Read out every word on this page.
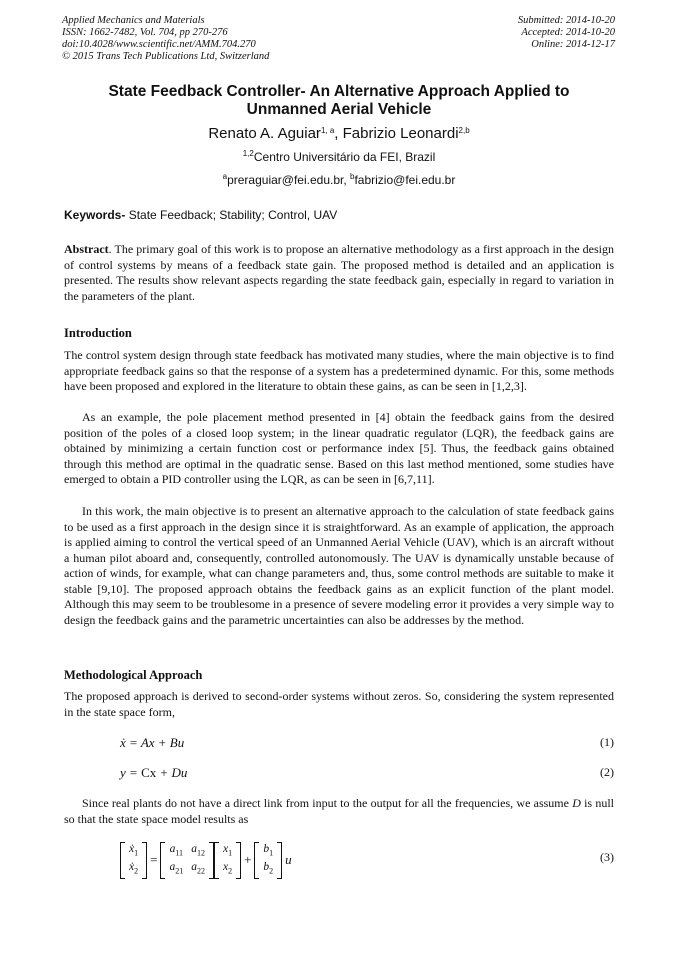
Applied Mechanics and Materials
ISSN: 1662-7482, Vol. 704, pp 270-276
doi:10.4028/www.scientific.net/AMM.704.270
© 2015 Trans Tech Publications Ltd, Switzerland
Submitted: 2014-10-20
Accepted: 2014-10-20
Online: 2014-12-17
State Feedback Controller- An Alternative Approach Applied to
Unmanned Aerial Vehicle
Renato A. Aguiar$^{1, a}$, Fabrizio Leonardi$^{2,b}$
$^{1,2}$Centro Universitário da FEI, Brazil
$^a$preraguiar@fei.edu.br, $^b$fabrizio@fei.edu.br
Keywords- State Feedback; Stability; Control, UAV
Abstract. The primary goal of this work is to propose an alternative methodology as a first approach in the design of control systems by means of a feedback state gain. The proposed method is detailed and an application is presented. The results show relevant aspects regarding the state feedback gain, especially in regard to variation in the parameters of the plant.
Introduction
The control system design through state feedback has motivated many studies, where the main objective is to find appropriate feedback gains so that the response of a system has a predetermined dynamic. For this, some methods have been proposed and explored in the literature to obtain these gains, as can be seen in [1,2,3].
As an example, the pole placement method presented in [4] obtain the feedback gains from the desired position of the poles of a closed loop system; in the linear quadratic regulator (LQR), the feedback gains are obtained by minimizing a certain function cost or performance index [5]. Thus, the feedback gains obtained through this method are optimal in the quadratic sense. Based on this last method mentioned, some studies have emerged to obtain a PID controller using the LQR, as can be seen in [6,7,11].
In this work, the main objective is to present an alternative approach to the calculation of state feedback gains to be used as a first approach in the design since it is straightforward. As an example of application, the approach is applied aiming to control the vertical speed of an Unmanned Aerial Vehicle (UAV), which is an aircraft without a human pilot aboard and, consequently, controlled autonomously. The UAV is dynamically unstable because of action of winds, for example, what can change parameters and, thus, some control methods are suitable to make it stable [9,10]. The proposed approach obtains the feedback gains as an explicit function of the plant model. Although this may seem to be troublesome in a presence of severe modeling error it provides a very simple way to design the feedback gains and the parametric uncertainties can also be addresses by the method.
Methodological Approach
The proposed approach is derived to second-order systems without zeros. So, considering the system represented in the state space form,
ẋ = Ax + Bu	(1)
y = Cx + Du	(2)
Since real plants do not have a direct link from input to the output for all the frequencies, we assume D is null so that the state space model results as
ẋ$_1$
ẋ$_2$
=
$a_{11}$	$a_{12}$
$a_{21}$	$a_{22}$
$x_1$
$x_2$
+
$b_1$
$b_2$
u	(3)
